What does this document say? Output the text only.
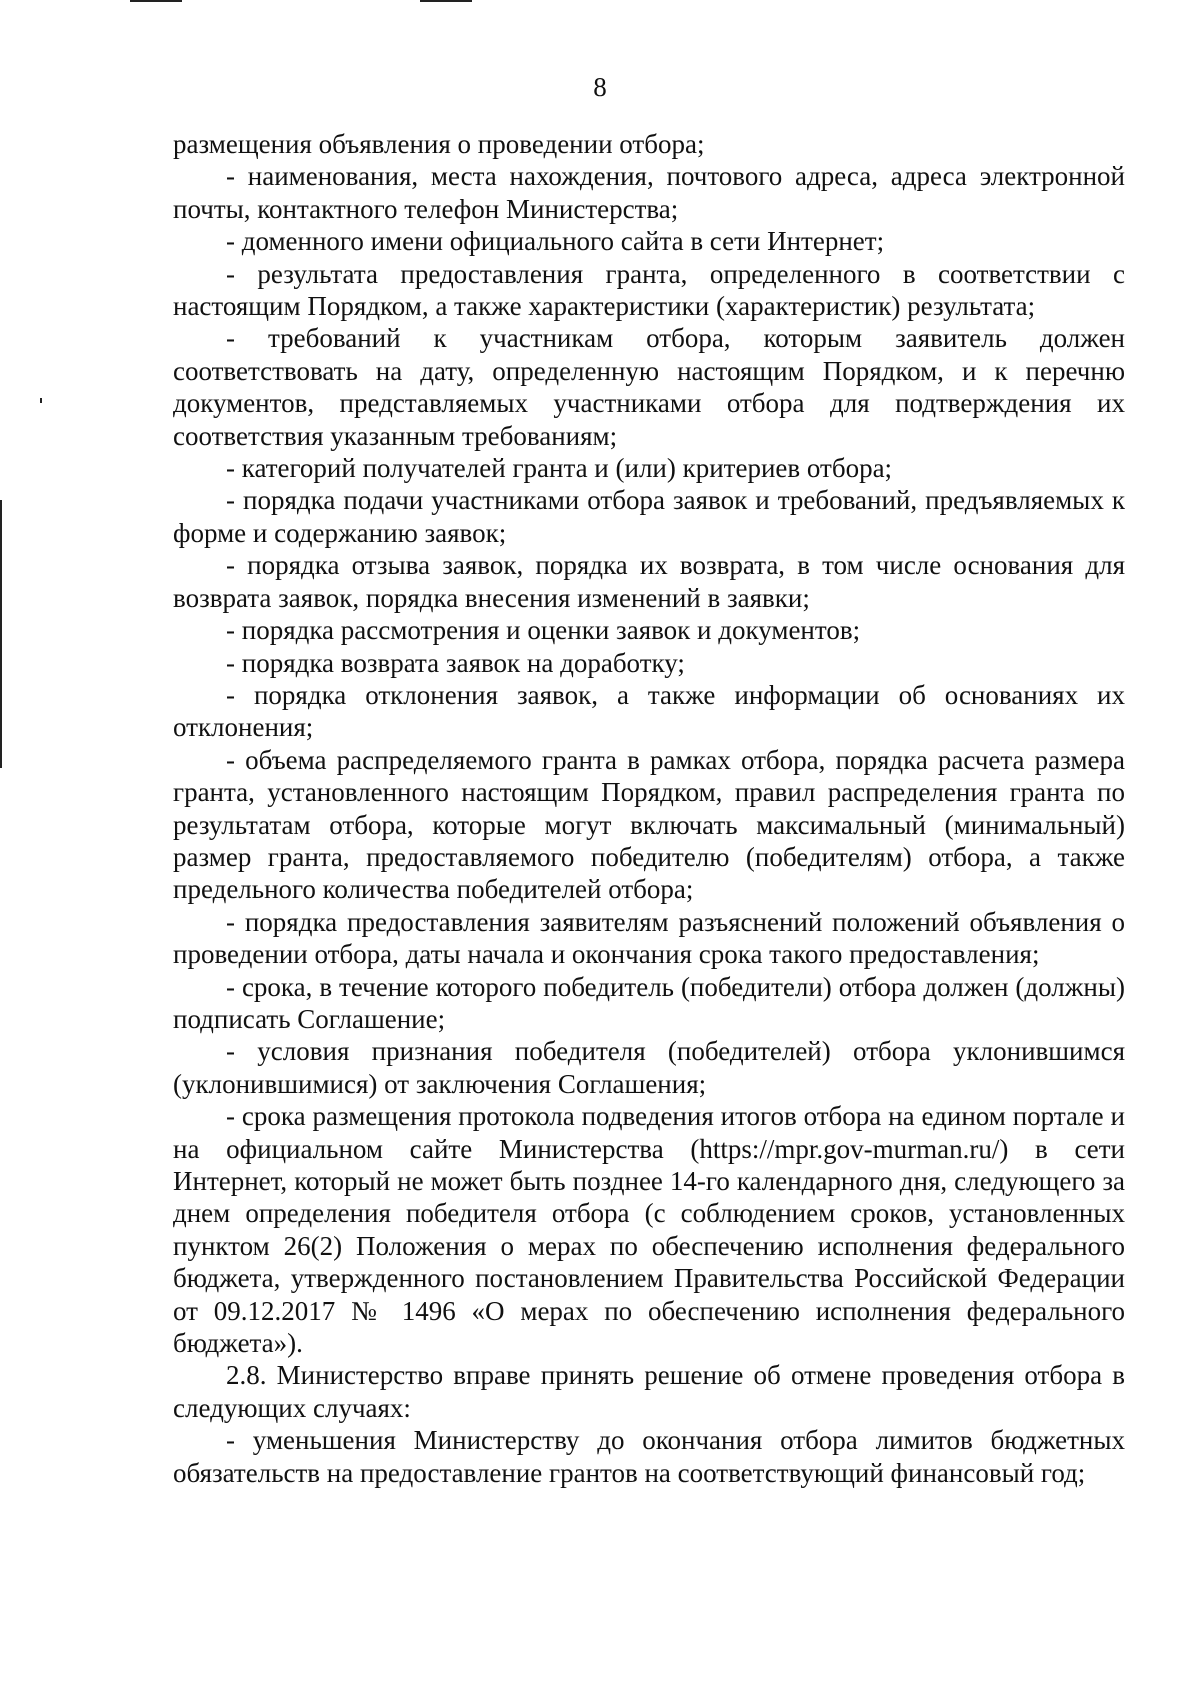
8

размещения объявления о проведении отбора;

- наименования, места нахождения, почтового адреса, адреса электронной почты, контактного телефон Министерства;

- доменного имени официального сайта в сети Интернет;

- результата предоставления гранта, определенного в соответствии с настоящим Порядком, а также характеристики (характеристик) результата;

- требований к участникам отбора, которым заявитель должен соответствовать на дату, определенную настоящим Порядком, и к перечню документов, представляемых участниками отбора для подтверждения их соответствия указанным требованиям;

- категорий получателей гранта и (или) критериев отбора;

- порядка подачи участниками отбора заявок и требований, предъявляемых к форме и содержанию заявок;

- порядка отзыва заявок, порядка их возврата, в том числе основания для возврата заявок, порядка внесения изменений в заявки;

- порядка рассмотрения и оценки заявок и документов;

- порядка возврата заявок на доработку;

- порядка отклонения заявок, а также информации об основаниях их отклонения;

- объема распределяемого гранта в рамках отбора, порядка расчета размера гранта, установленного настоящим Порядком, правил распределения гранта по результатам отбора, которые могут включать максимальный (минимальный) размер гранта, предоставляемого победителю (победителям) отбора, а также предельного количества победителей отбора;

- порядка предоставления заявителям разъяснений положений объявления о проведении отбора, даты начала и окончания срока такого предоставления;

- срока, в течение которого победитель (победители) отбора должен (должны) подписать Соглашение;

- условия признания победителя (победителей) отбора уклонившимся (уклонившимися) от заключения Соглашения;

- срока размещения протокола подведения итогов отбора на едином портале и на официальном сайте Министерства (https://mpr.gov-murman.ru/) в сети Интернет, который не может быть позднее 14-го календарного дня, следующего за днем определения победителя отбора (с соблюдением сроков, установленных пунктом 26(2) Положения о мерах по обеспечению исполнения федерального бюджета, утвержденного постановлением Правительства Российской Федерации от 09.12.2017 № 1496 «О мерах по обеспечению исполнения федерального бюджета»).

2.8. Министерство вправе принять решение об отмене проведения отбора в следующих случаях:

- уменьшения Министерству до окончания отбора лимитов бюджетных обязательств на предоставление грантов на соответствующий финансовый год;
